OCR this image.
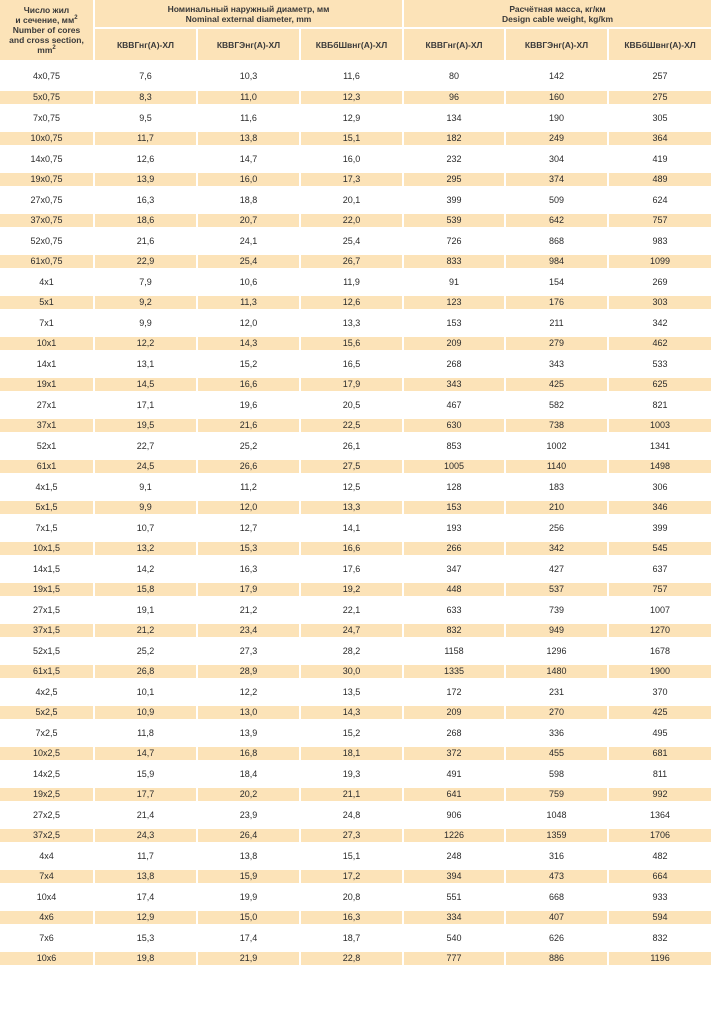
Число жил
и сечение, $мм^2$
Number of cores
and cross section,
$mm^2$	Номинальный наружный диаметр, мм
Nominal external diameter, mm			Расчётная масса, кг/км
Design cable weight, kg/km		
	КВВГнг(А)-ХЛ	КВВГЭнг(А)-ХЛ	КВБбШвнг(А)-ХЛ	КВВГнг(А)-ХЛ	КВВГЭнг(А)-ХЛ	КВБбШвнг(А)-ХЛ
4х0,75	7,6	10,3	11,6	80	142	257
5х0,75	8,3	11,0	12,3	96	160	275
7х0,75	9,5	11,6	12,9	134	190	305
10х0,75	11,7	13,8	15,1	182	249	364
14х0,75	12,6	14,7	16,0	232	304	419
19х0,75	13,9	16,0	17,3	295	374	489
27х0,75	16,3	18,8	20,1	399	509	624
37х0,75	18,6	20,7	22,0	539	642	757
52х0,75	21,6	24,1	25,4	726	868	983
61х0,75	22,9	25,4	26,7	833	984	1099
4х1	7,9	10,6	11,9	91	154	269
5х1	9,2	11,3	12,6	123	176	303
7х1	9,9	12,0	13,3	153	211	342
10х1	12,2	14,3	15,6	209	279	462
14х1	13,1	15,2	16,5	268	343	533
19х1	14,5	16,6	17,9	343	425	625
27х1	17,1	19,6	20,5	467	582	821
37х1	19,5	21,6	22,5	630	738	1003
52х1	22,7	25,2	26,1	853	1002	1341
61х1	24,5	26,6	27,5	1005	1140	1498
4х1,5	9,1	11,2	12,5	128	183	306
5х1,5	9,9	12,0	13,3	153	210	346
7х1,5	10,7	12,7	14,1	193	256	399
10х1,5	13,2	15,3	16,6	266	342	545
14х1,5	14,2	16,3	17,6	347	427	637
19х1,5	15,8	17,9	19,2	448	537	757
27х1,5	19,1	21,2	22,1	633	739	1007
37х1,5	21,2	23,4	24,7	832	949	1270
52х1,5	25,2	27,3	28,2	1158	1296	1678
61х1,5	26,8	28,9	30,0	1335	1480	1900
4х2,5	10,1	12,2	13,5	172	231	370
5х2,5	10,9	13,0	14,3	209	270	425
7х2,5	11,8	13,9	15,2	268	336	495
10х2,5	14,7	16,8	18,1	372	455	681
14х2,5	15,9	18,4	19,3	491	598	811
19х2,5	17,7	20,2	21,1	641	759	992
27х2,5	21,4	23,9	24,8	906	1048	1364
37х2,5	24,3	26,4	27,3	1226	1359	1706
4х4	11,7	13,8	15,1	248	316	482
7х4	13,8	15,9	17,2	394	473	664
10х4	17,4	19,9	20,8	551	668	933
4х6	12,9	15,0	16,3	334	407	594
7х6	15,3	17,4	18,7	540	626	832
10х6	19,8	21,9	22,8	777	886	1196
